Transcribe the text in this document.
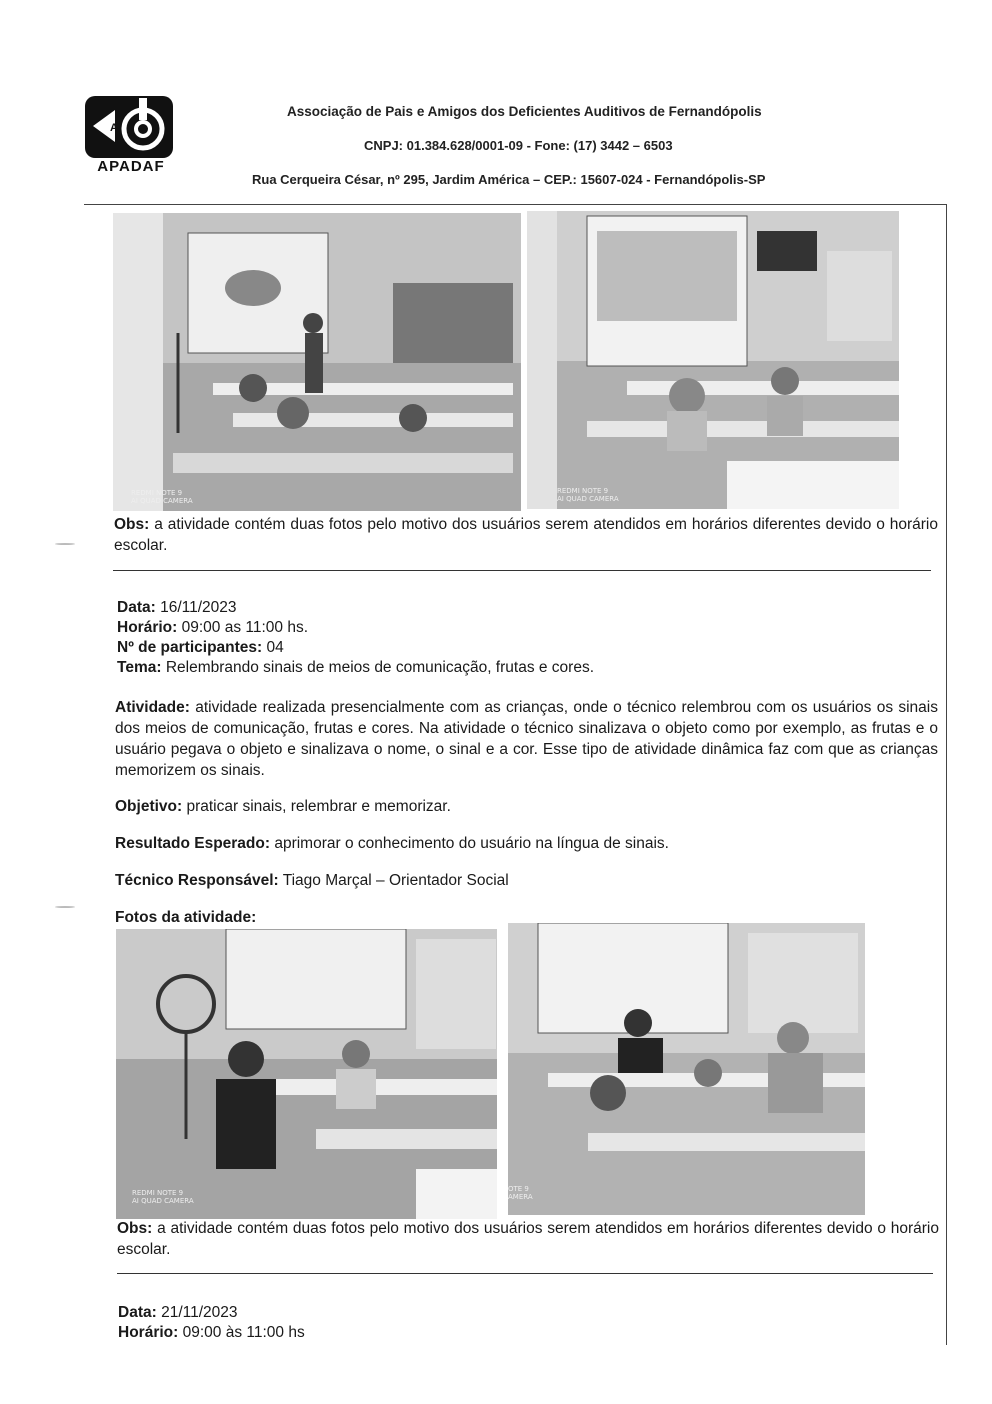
A
APADAF
Associação de Pais e Amigos dos Deficientes Auditivos de Fernandópolis
CNPJ: 01.384.628/0001-09 - Fone: (17) 3442 – 6503
Rua Cerqueira César, nº 295, Jardim América – CEP.: 15607-024 - Fernandópolis-SP
REDMI NOTE 9
AI QUAD CAMERA
REDMI NOTE 9
AI QUAD CAMERA
Obs: a atividade contém duas fotos pelo motivo dos usuários serem atendidos em horários diferentes devido o horário escolar.
Data: 16/11/2023
Horário: 09:00 as 11:00 hs.
Nº de participantes: 04
Tema: Relembrando sinais de meios de comunicação, frutas e cores.
Atividade: atividade realizada presencialmente com as crianças, onde o técnico relembrou com os usuários os sinais dos meios de comunicação, frutas e cores. Na atividade o técnico sinalizava o objeto como por exemplo, as frutas e o usuário pegava o objeto e sinalizava o nome, o sinal e a cor. Esse tipo de atividade dinâmica faz com que as crianças memorizem os sinais.
Objetivo: praticar sinais, relembrar e memorizar.
Resultado Esperado: aprimorar o conhecimento do usuário na língua de sinais.
Técnico Responsável: Tiago Marçal – Orientador Social
Fotos da atividade:
REDMI NOTE 9
AI QUAD CAMERA
OTE 9
AMERA
Obs: a atividade contém duas fotos pelo motivo dos usuários serem atendidos em horários diferentes devido o horário escolar.
Data: 21/11/2023
Horário: 09:00 às 11:00 hs
